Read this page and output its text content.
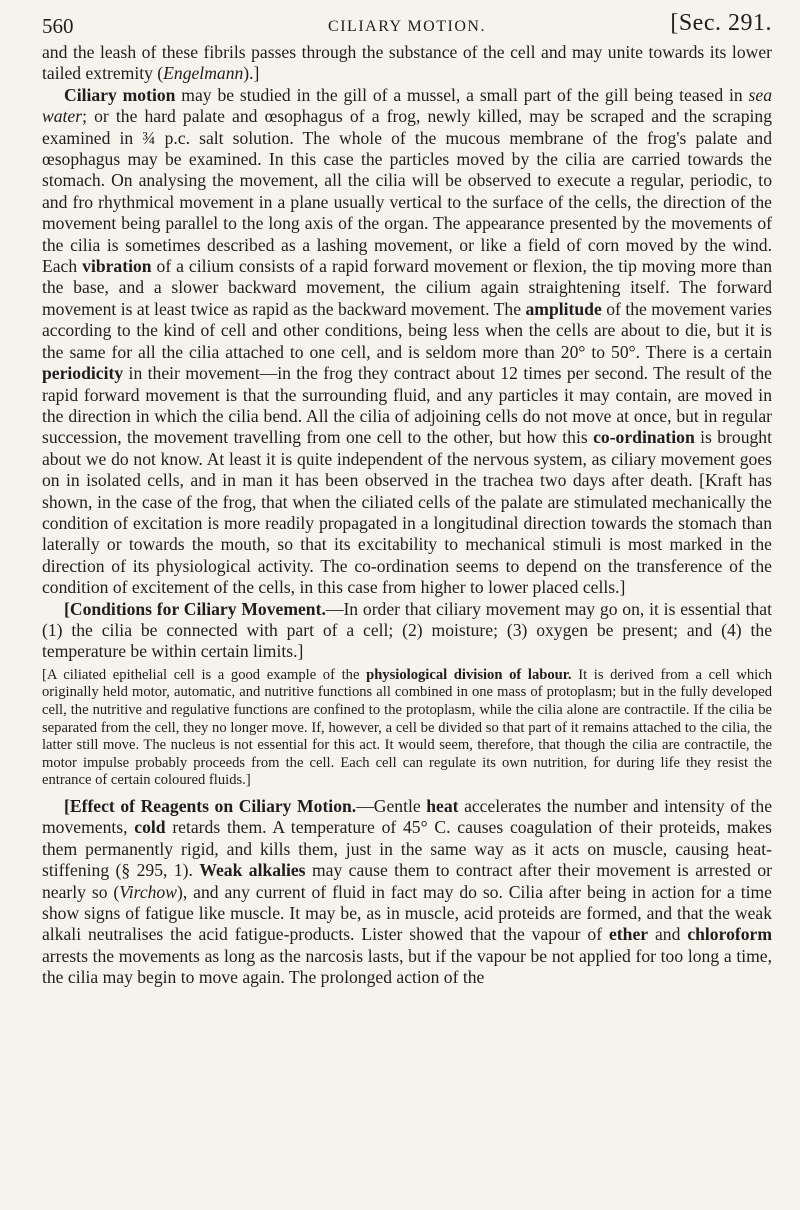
560	CILIARY MOTION.	[Sec. 291.

and the leash of these fibrils passes through the substance of the cell and may unite towards its lower tailed extremity (Engelmann).]

Ciliary motion may be studied in the gill of a mussel, a small part of the gill being teased in sea water; or the hard palate and œsophagus of a frog, newly killed, may be scraped and the scraping examined in ¾ p.c. salt solution. The whole of the mucous membrane of the frog's palate and œsophagus may be examined. In this case the particles moved by the cilia are carried towards the stomach. On analysing the movement, all the cilia will be observed to execute a regular, periodic, to and fro rhythmical movement in a plane usually vertical to the surface of the cells, the direction of the movement being parallel to the long axis of the organ. The appearance presented by the movements of the cilia is sometimes described as a lashing movement, or like a field of corn moved by the wind. Each vibration of a cilium consists of a rapid forward movement or flexion, the tip moving more than the base, and a slower backward movement, the cilium again straightening itself. The forward movement is at least twice as rapid as the backward movement. The amplitude of the movement varies according to the kind of cell and other conditions, being less when the cells are about to die, but it is the same for all the cilia attached to one cell, and is seldom more than 20° to 50°. There is a certain periodicity in their movement—in the frog they contract about 12 times per second. The result of the rapid forward movement is that the surrounding fluid, and any particles it may contain, are moved in the direction in which the cilia bend. All the cilia of adjoining cells do not move at once, but in regular succession, the movement travelling from one cell to the other, but how this co-ordination is brought about we do not know. At least it is quite independent of the nervous system, as ciliary movement goes on in isolated cells, and in man it has been observed in the trachea two days after death. [Kraft has shown, in the case of the frog, that when the ciliated cells of the palate are stimulated mechanically the condition of excitation is more readily propagated in a longitudinal direction towards the stomach than laterally or towards the mouth, so that its excitability to mechanical stimuli is most marked in the direction of its physiological activity. The co-ordination seems to depend on the transference of the condition of excitement of the cells, in this case from higher to lower placed cells.]

[Conditions for Ciliary Movement.—In order that ciliary movement may go on, it is essential that (1) the cilia be connected with part of a cell; (2) moisture; (3) oxygen be present; and (4) the temperature be within certain limits.]

[A ciliated epithelial cell is a good example of the physiological division of labour. It is derived from a cell which originally held motor, automatic, and nutritive functions all combined in one mass of protoplasm; but in the fully developed cell, the nutritive and regulative functions are confined to the protoplasm, while the cilia alone are contractile. If the cilia be separated from the cell, they no longer move. If, however, a cell be divided so that part of it remains attached to the cilia, the latter still move. The nucleus is not essential for this act. It would seem, therefore, that though the cilia are contractile, the motor impulse probably proceeds from the cell. Each cell can regulate its own nutrition, for during life they resist the entrance of certain coloured fluids.]

[Effect of Reagents on Ciliary Motion.—Gentle heat accelerates the number and intensity of the movements, cold retards them. A temperature of 45° C. causes coagulation of their proteids, makes them permanently rigid, and kills them, just in the same way as it acts on muscle, causing heat-stiffening (§ 295, 1). Weak alkalies may cause them to contract after their movement is arrested or nearly so (Virchow), and any current of fluid in fact may do so. Cilia after being in action for a time show signs of fatigue like muscle. It may be, as in muscle, acid proteids are formed, and that the weak alkali neutralises the acid fatigue-products. Lister showed that the vapour of ether and chloroform arrests the movements as long as the narcosis lasts, but if the vapour be not applied for too long a time, the cilia may begin to move again. The prolonged action of the
